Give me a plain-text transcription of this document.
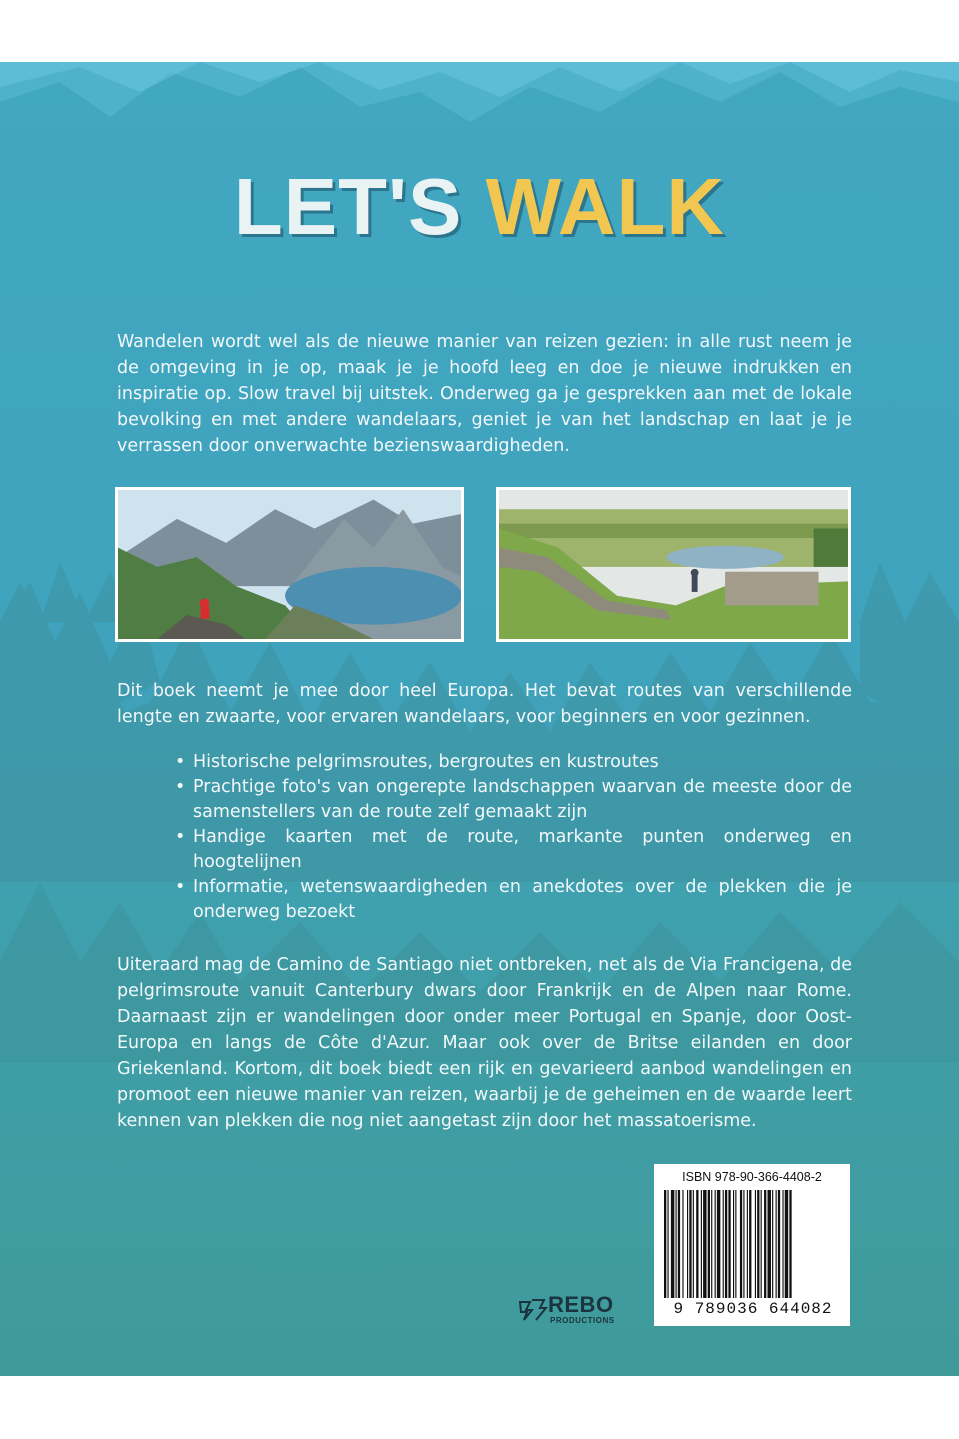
LET'S WALK
Wandelen wordt wel als de nieuwe manier van reizen gezien: in alle rust neem je de omgeving in je op, maak je je hoofd leeg en doe je nieuwe indrukken en inspiratie op. Slow travel bij uitstek. Onderweg ga je gesprekken aan met de lokale bevolking en met andere wandelaars, geniet je van het landschap en laat je je verrassen door onverwachte bezienswaardigheden.
Dit boek neemt je mee door heel Europa. Het bevat routes van verschillende lengte en zwaarte, voor ervaren wandelaars, voor beginners en voor gezinnen.
• Historische pelgrimsroutes, bergroutes en kustroutes
• Prachtige foto's van ongerepte landschappen waarvan de meeste door de samenstellers van de route zelf gemaakt zijn
• Handige kaarten met de route, markante punten onderweg en hoogtelijnen
• Informatie, wetenswaardigheden en anekdotes over de plekken die je onderweg bezoekt
Uiteraard mag de Camino de Santiago niet ontbreken, net als de Via Francigena, de pelgrimsroute vanuit Canterbury dwars door Frankrijk en de Alpen naar Rome. Daarnaast zijn er wandelingen door onder meer Portugal en Spanje, door Oost-Europa en langs de Côte d'Azur. Maar ook over de Britse eilanden en door Griekenland. Kortom, dit boek biedt een rijk en gevarieerd aanbod wandelingen en promoot een nieuwe manier van reizen, waarbij je de geheimen en de waarde leert kennen van plekken die nog niet aangetast zijn door het massatoerisme.
REBO
PRODUCTIONS
ISBN 978-90-366-4408-2
9 789036 644082
